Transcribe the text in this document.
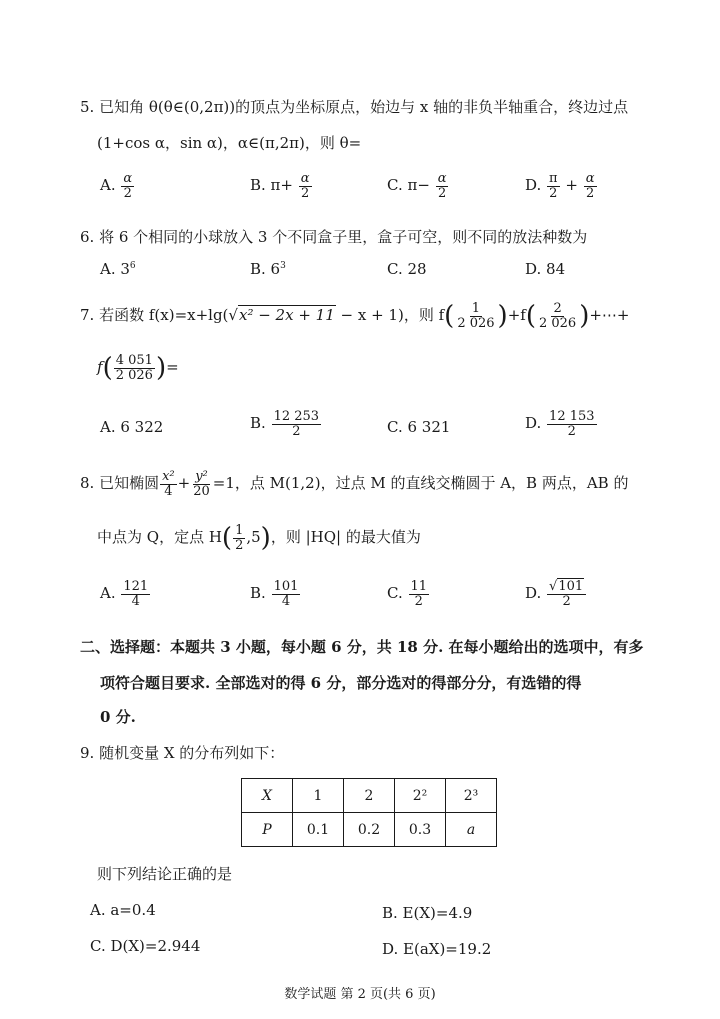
5. 已知角 θ(θ∈(0,2π))的顶点为坐标原点，始边与 x 轴的非负半轴重合，终边过点
(1+cos α，sin α)，α∈(π,2π)，则 θ=
A. $\frac{\alpha}{2}$	B. $\pi+ \frac{\alpha}{2}$	C. $\pi- \frac{\alpha}{2}$	D. $\frac{\pi}{2} + \frac{\alpha}{2}$
6. 将 6 个相同的小球放入 3 个不同盒子里，盒子可空，则不同的放法种数为
A. $3^6$	B. $6^3$	C. 28	D. 84
7. 若函数 f(x)=x+lg(√x² − 2x + 11 − x + 1)，则 $f( \frac{1}{2 026} )+f( \frac{2}{2 026}$ )+⋯+
$f( \frac{4 051}{2 026}$ )=
A. 6 322	B. $\frac{12 253}{2}$	C. 6 321	D. $\frac{12 153}{2}$
8. 已知椭圆 $\frac{\text{x²}}{4} + \frac{\text{y²}}{20} =1$，点 M(1,2)，过点 M 的直线交椭圆于 A，B 两点，AB 的
中点为 Q，定点 $H( \frac{1}{2} ,5)$，则 |HQ| 的最大值为
A. $\frac{121}{4}$	B. $\frac{101}{4}$	C. $\frac{11}{2}$	D. $\frac{√101}{2}$
二、选择题：本题共 3 小题，每小题 6 分，共 18 分. 在每小题给出的选项中，有多
项符合题目要求. 全部选对的得 6 分，部分选对的得部分分，有选错的得
0 分.
9. 随机变量 X 的分布列如下：
X	1	2	2²	2³
P	0.1	0.2	0.3	a
则下列结论正确的是
A. a=0.4	B. E(X)=4.9
C. D(X)=2.944	D. E(aX)=19.2
数学试题 第 2 页(共 6 页)
